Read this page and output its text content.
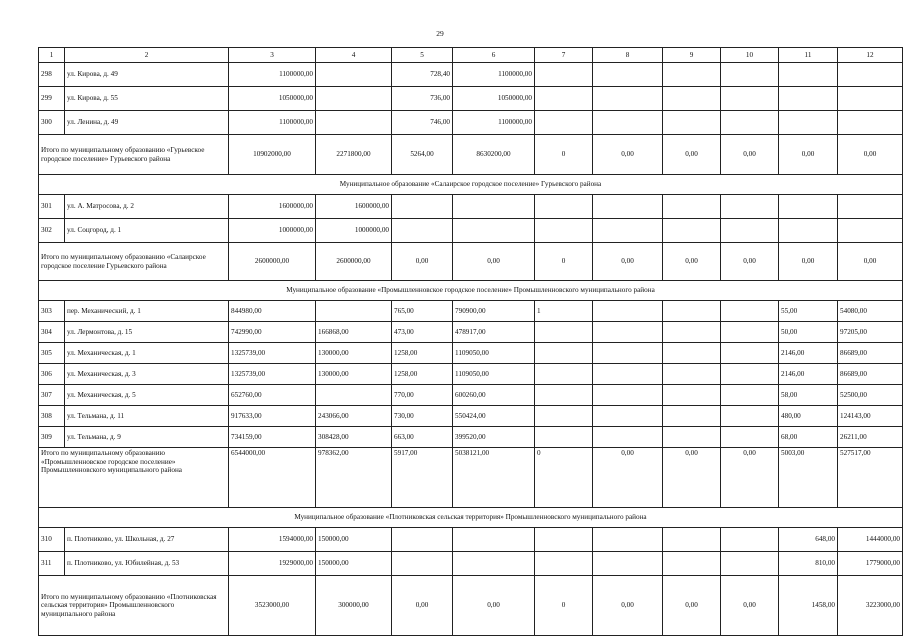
29
1	2	3	4	5	6	7	8	9	10	11	12
298	ул. Кирова, д. 49	1100000,00		728,40	1100000,00						
299	ул. Кирова, д. 55	1050000,00		736,00	1050000,00						
300	ул. Ленина, д. 49	1100000,00		746,00	1100000,00						
Итого по муниципальному образованию «Гурьевское городское поселение» Гурьевского района		10902000,00	2271800,00	5264,00	8630200,00	0	0,00	0,00	0,00	0,00	0,00
Муниципальное образование «Салаирское городское поселение» Гурьевского района											
301	ул. А. Матросова, д. 2	1600000,00	1600000,00								
302	ул. Соцгород, д. 1	1000000,00	1000000,00								
Итого по муниципальному образованию «Салаирское городское поселение Гурьевского района		2600000,00	2600000,00	0,00	0,00	0	0,00	0,00	0,00	0,00	0,00
Муниципальное образование «Промышленновское городское поселение» Промышленновского муниципального района											
303	пер. Механический, д. 1	844980,00		765,00	790900,00	1				55,00	54080,00
304	ул. Лермонтова, д. 15	742990,00	166868,00	473,00	478917,00					50,00	97205,00
305	ул. Механическая, д. 1	1325739,00	130000,00	1258,00	1109050,00					2146,00	86689,00
306	ул. Механическая, д. 3	1325739,00	130000,00	1258,00	1109050,00					2146,00	86689,00
307	ул. Механическая, д. 5	652760,00		770,00	600260,00					58,00	52500,00
308	ул. Тельмана, д. 11	917633,00	243066,00	730,00	550424,00					480,00	124143,00
309	ул. Тельмана, д. 9	734159,00	308428,00	663,00	399520,00					68,00	26211,00
Итого по муниципальному образованию «Промышленновское городское поселение» Промышленновского муниципального района		6544000,00	978362,00	5917,00	5038121,00	0	0,00	0,00	0,00	5003,00	527517,00
Муниципальное образование «Плотниковская сельская территория» Промышленновского муниципального района											
310	п. Плотниково, ул. Школьная, д. 27	1594000,00	150000,00							648,00	1444000,00
311	п. Плотниково, ул. Юбилейная, д. 53	1929000,00	150000,00							810,00	1779000,00
Итого по муниципальному образованию «Плотниковская сельская территория» Промышленновского муниципального района		3523000,00	300000,00	0,00	0,00	0	0,00	0,00	0,00	1458,00	3223000,00
